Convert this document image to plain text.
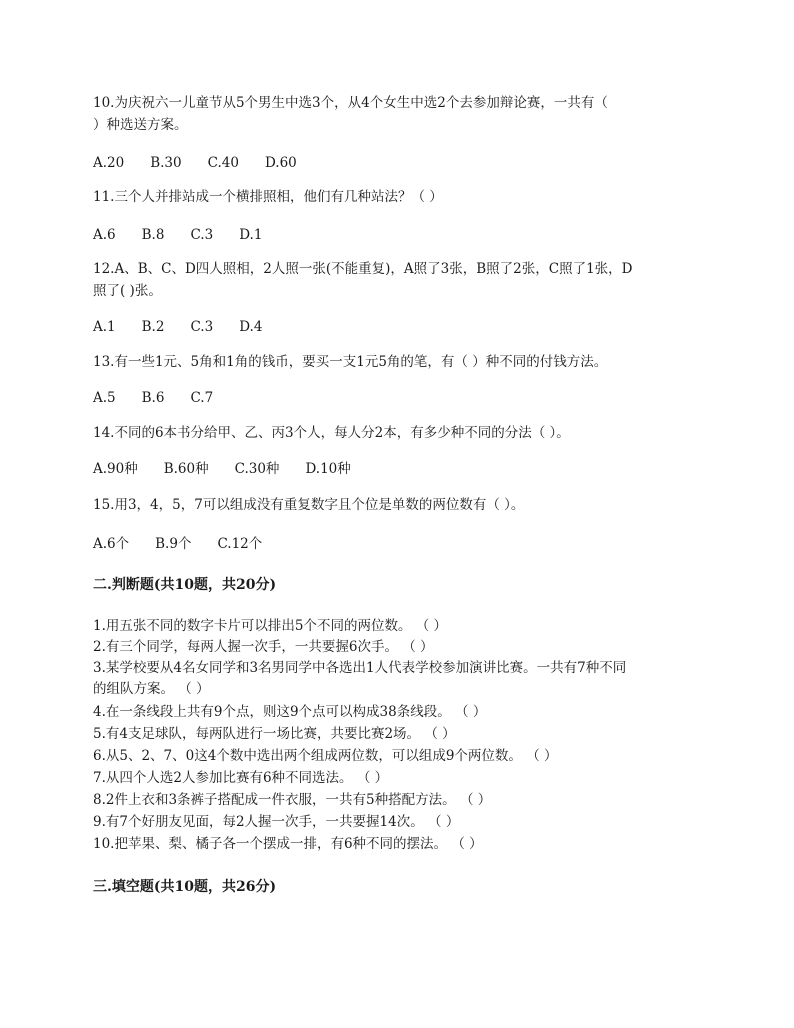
10.为庆祝六一儿童节从5个男生中选3个，从4个女生中选2个去参加辩论赛，一共有（
）种选送方案。
A.20 B.30 C.40 D.60
11.三个人并排站成一个横排照相，他们有几种站法？（ ）
A.6 B.8 C.3 D.1
12.A、B、C、D四人照相，2人照一张(不能重复)，A照了3张，B照了2张，C照了1张，D
照了( )张。
A.1 B.2 C.3 D.4
13.有一些1元、5角和1角的钱币，要买一支1元5角的笔，有（ ）种不同的付钱方法。
A.5 B.6 C.7
14.不同的6本书分给甲、乙、丙3个人，每人分2本，有多少种不同的分法（ ）。
A.90种 B.60种 C.30种 D.10种
15.用3，4，5，7可以组成没有重复数字且个位是单数的两位数有（ ）。
A.6个 B.9个 C.12个
二.判断题(共10题，共20分)
1.用五张不同的数字卡片可以排出5个不同的两位数。 （ ）
2.有三个同学，每两人握一次手，一共要握6次手。 （ ）
3.某学校要从4名女同学和3名男同学中各选出1人代表学校参加演讲比赛。一共有7种不同
的组队方案。 （ ）
4.在一条线段上共有9个点，则这9个点可以构成38条线段。 （ ）
5.有4支足球队，每两队进行一场比赛，共要比赛2场。 （ ）
6.从5、2、7、0这4个数中选出两个组成两位数，可以组成9个两位数。 （ ）
7.从四个人选2人参加比赛有6种不同选法。 （ ）
8.2件上衣和3条裤子搭配成一件衣服，一共有5种搭配方法。 （ ）
9.有7个好朋友见面，每2人握一次手，一共要握14次。 （ ）
10.把苹果、梨、橘子各一个摆成一排，有6种不同的摆法。 （ ）
三.填空题(共10题，共26分)
